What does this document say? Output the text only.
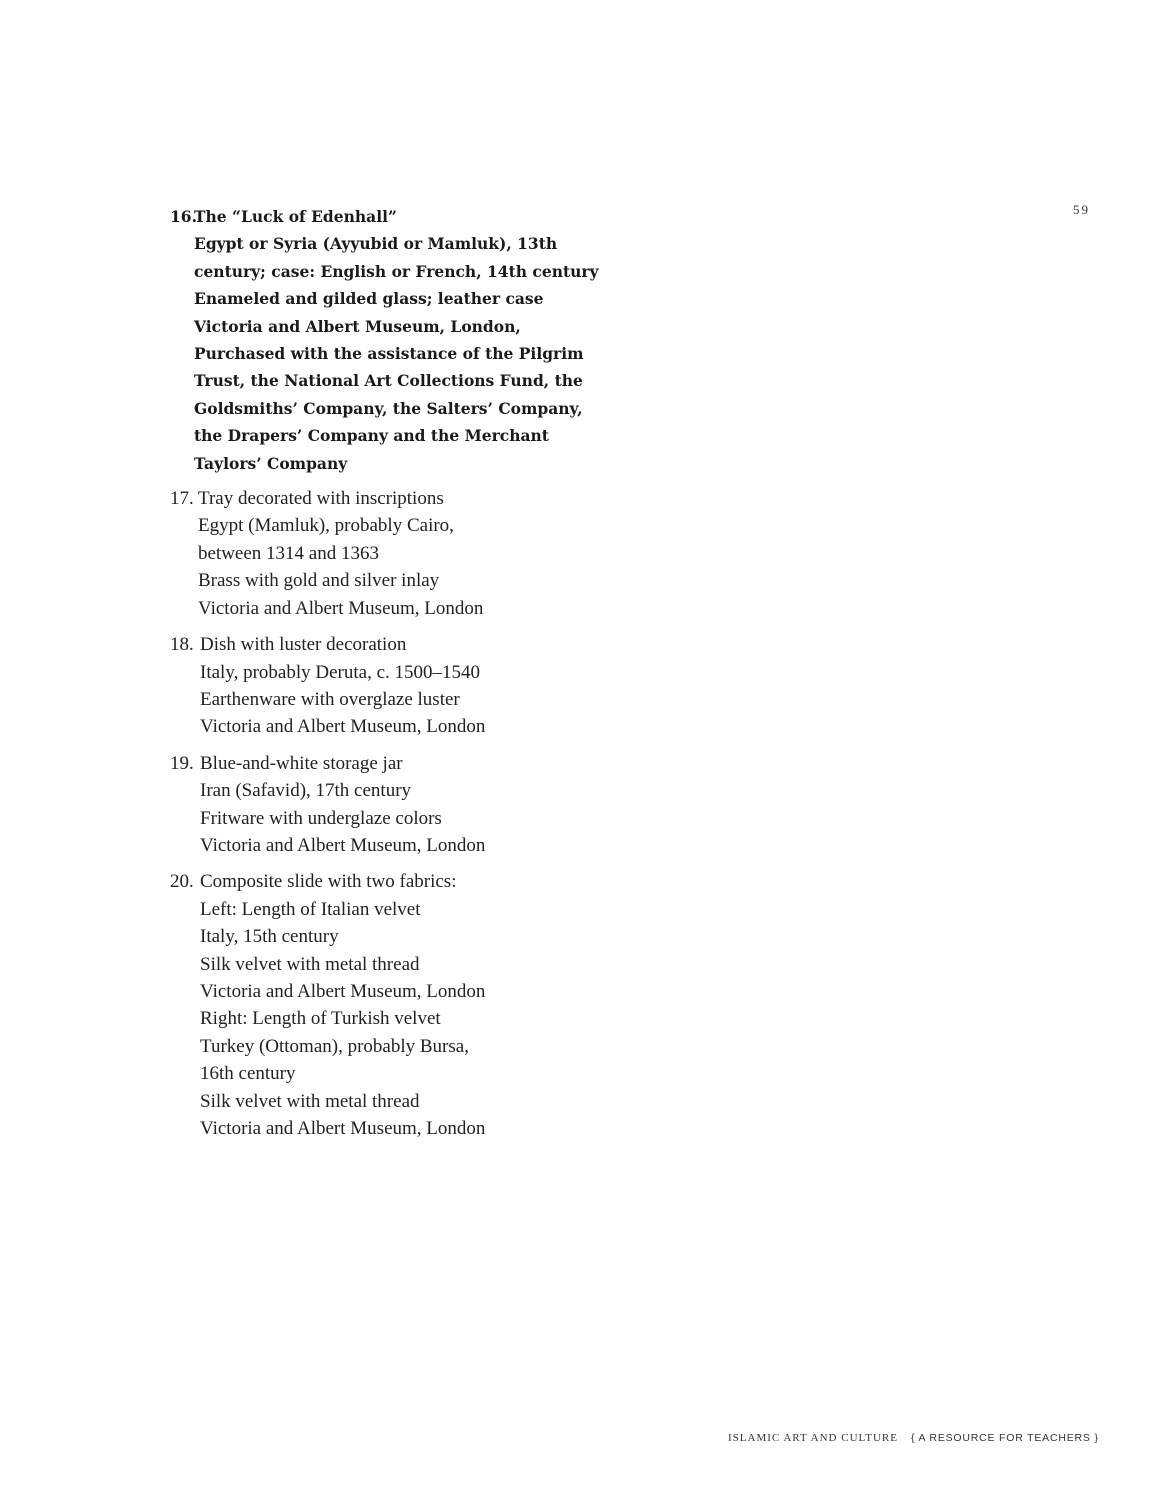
59
16.
The “Luck of Edenhall”
Egypt or Syria (Ayyubid or Mamluk), 13th
century; case: English or French, 14th century
Enameled and gilded glass; leather case
Victoria and Albert Museum, London,
Purchased with the assistance of the Pilgrim
Trust, the National Art Collections Fund, the
Goldsmiths’ Company, the Salters’ Company,
the Drapers’ Company and the Merchant
Taylors’ Company
17. Tray decorated with inscriptions
Egypt (Mamluk), probably Cairo,
between 1314 and 1363
Brass with gold and silver inlay
Victoria and Albert Museum, London
18. Dish with luster decoration
Italy, probably Deruta, c. 1500–1540
Earthenware with overglaze luster
Victoria and Albert Museum, London
19. Blue-and-white storage jar
Iran (Safavid), 17th century
Fritware with underglaze colors
Victoria and Albert Museum, London
20. Composite slide with two fabrics:
Left: Length of Italian velvet
Italy, 15th century
Silk velvet with metal thread
Victoria and Albert Museum, London
Right: Length of Turkish velvet
Turkey (Ottoman), probably Bursa,
16th century
Silk velvet with metal thread
Victoria and Albert Museum, London
ISLAMIC ART AND CULTURE { A RESOURCE FOR TEACHERS }
